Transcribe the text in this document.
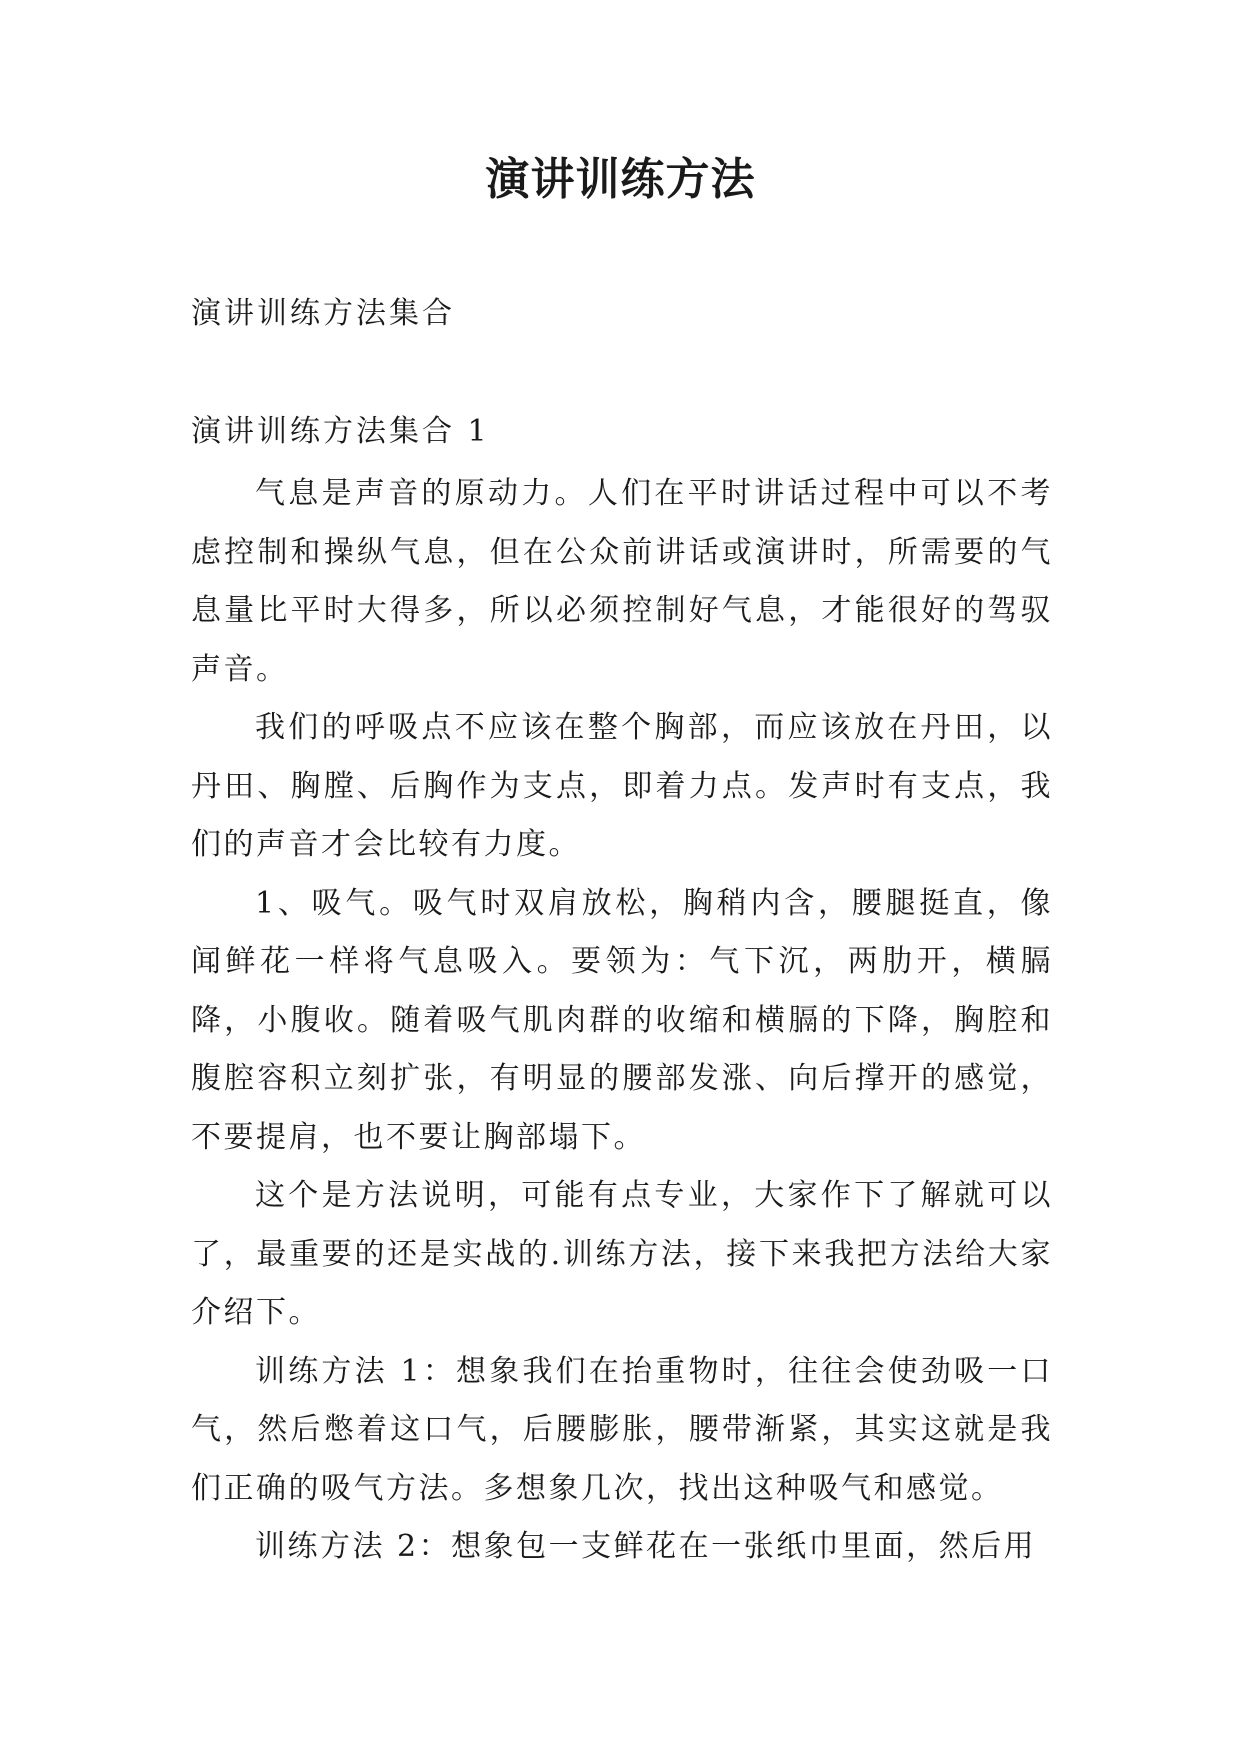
演讲训练方法
演讲训练方法集合
演讲训练方法集合 1

气息是声音的原动力。人们在平时讲话过程中可以不考虑控制和操纵气息，但在公众前讲话或演讲时，所需要的气息量比平时大得多，所以必须控制好气息，才能很好的驾驭声音。

我们的呼吸点不应该在整个胸部，而应该放在丹田，以丹田、胸膛、后胸作为支点，即着力点。发声时有支点，我们的声音才会比较有力度。

1、吸气。吸气时双肩放松，胸稍内含，腰腿挺直，像闻鲜花一样将气息吸入。要领为：气下沉，两肋开，横膈降，小腹收。随着吸气肌肉群的收缩和横膈的下降，胸腔和腹腔容积立刻扩张，有明显的腰部发涨、向后撑开的感觉，不要提肩，也不要让胸部塌下。

这个是方法说明，可能有点专业，大家作下了解就可以了，最重要的还是实战的.训练方法，接下来我把方法给大家介绍下。

训练方法 1：想象我们在抬重物时，往往会使劲吸一口气，然后憋着这口气，后腰膨胀，腰带渐紧，其实这就是我们正确的吸气方法。多想象几次，找出这种吸气和感觉。

训练方法 2：想象包一支鲜花在一张纸巾里面，然后用
